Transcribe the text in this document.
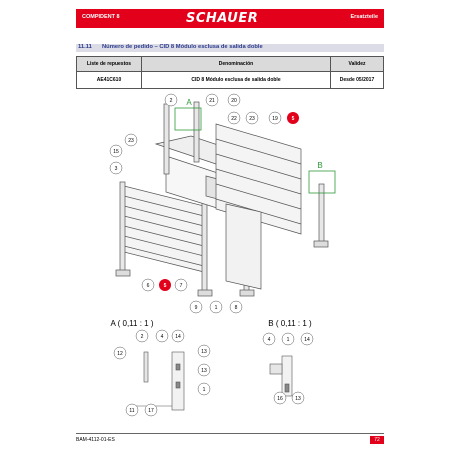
COMPIDENT 8	SCHAUER	Ersatzteile
11.11 Número de pedido – CID 8 Módulo esclusa de salida doble
Liste de repuestos	Denominación	Validez
AE41C610	CID 8 Módulo esclusa de salida doble	Desde 05/2017
A
B
2	21	20
22 23	19	5
15
3
23
9	1	8
6	5	7
A ( 0,11 : 1 )
2	4 14
12	13
13
1
11	17
B ( 0,11 : 1 )
4	1	14
16 13
BAM-4112-01-ES	72
